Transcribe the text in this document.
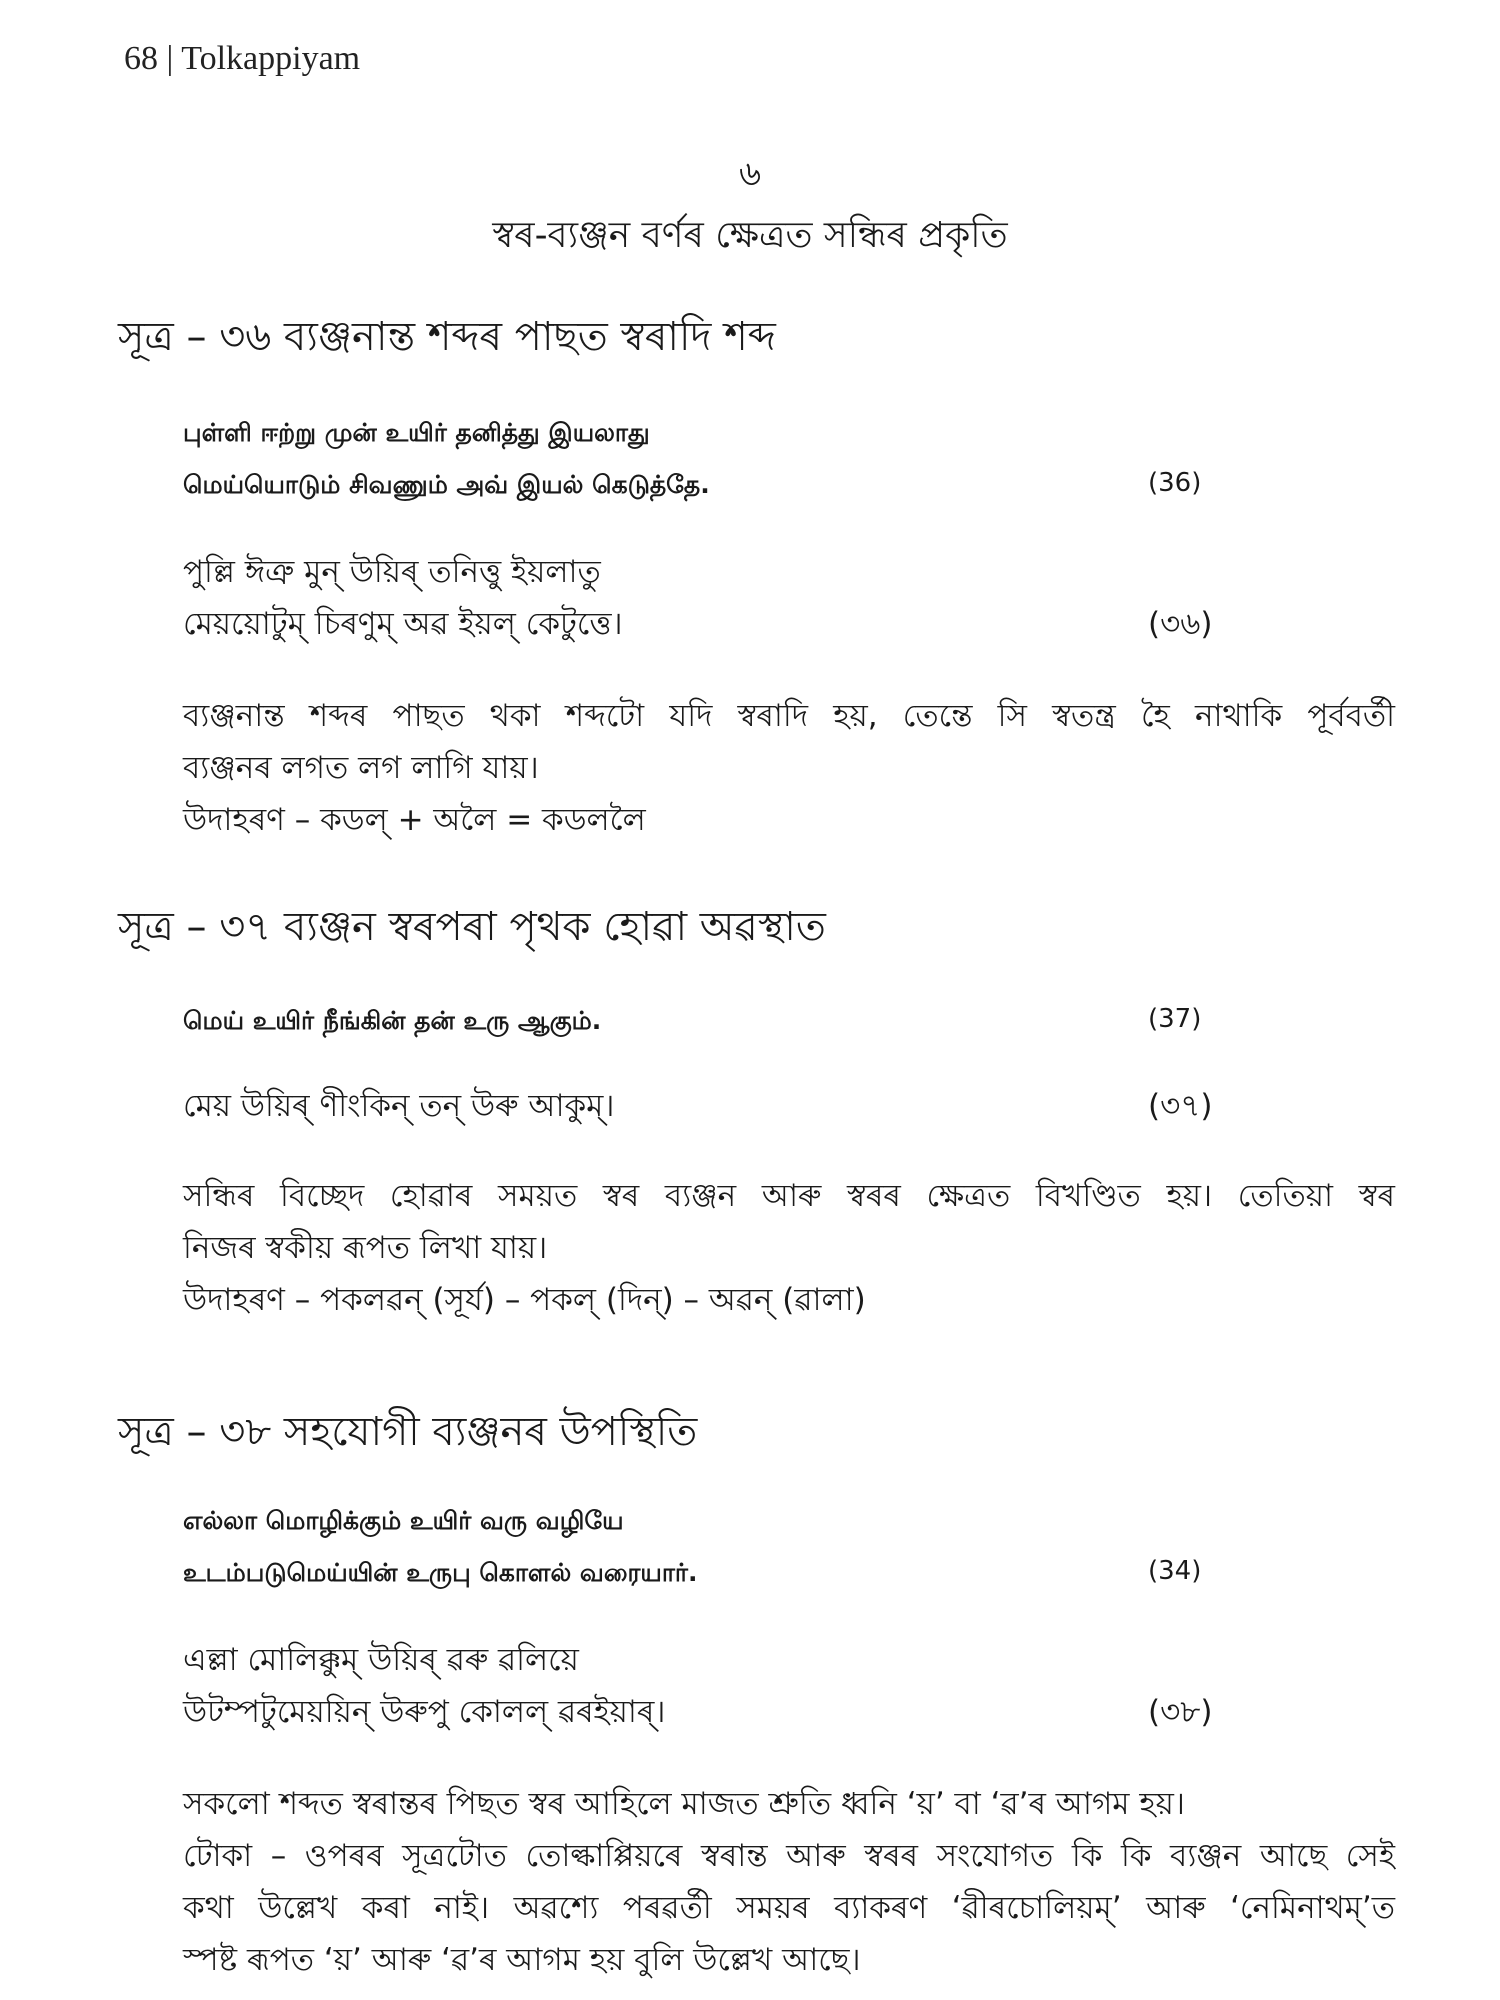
68 | Tolkappiyam
৬
স্বৰ-ব্যঞ্জন বৰ্ণৰ ক্ষেত্ৰত সন্ধিৰ প্ৰকৃতি
সূত্ৰ – ৩৬ ব্যঞ্জনান্ত শব্দৰ পাছত স্বৰাদি শব্দ
புள்ளி ஈற்று முன் உயிர் தனித்து இயலாது
மெய்யொடும் சிவணும் அவ் இயல் கெடுத்தே.	(36)
পুল্লি ঈত্ৰু মুন্ উয়িৰ্ তনিত্তু ইয়লাতু
মেয়য়োটুম্ চিৰণুম্ অৱ ইয়ল্ কেটুত্তে।	(৩৬)
ব্যঞ্জনান্ত শব্দৰ পাছত থকা শব্দটো যদি স্বৰাদি হয়, তেন্তে সি স্বতন্ত্ৰ হৈ নাথাকি পূৰ্ববৰ্তী
ব্যঞ্জনৰ লগত লগ লাগি যায়।
উদাহৰণ – কডল্ + অলৈ = কডললৈ
সূত্ৰ – ৩৭ ব্যঞ্জন স্বৰপৰা পৃথক হোৱা অৱস্থাত
மெய் உயிர் நீங்கின் தன் உரு ஆகும்.	(37)
মেয় উয়িৰ্ ণীংকিন্ তন্ উৰু আকুম্।	(৩৭)
সন্ধিৰ বিচ্ছেদ হোৱাৰ সময়ত স্বৰ ব্যঞ্জন আৰু স্বৰৰ ক্ষেত্ৰত বিখণ্ডিত হয়। তেতিয়া স্বৰ
নিজৰ স্বকীয় ৰূপত লিখা যায়।
উদাহৰণ – পকলৱন্ (সূৰ্য) – পকল্ (দিন্) – অৱন্ (ৱালা)
সূত্ৰ – ৩৮ সহযোগী ব্যঞ্জনৰ উপস্থিতি
எல்லா மொழிக்கும் உயிர் வரு வழியே
உடம்படுமெய்யின் உருபு கொளல் வரையார்.	(34)
এল্লা মোলিক্কুম্ উয়িৰ্ ৱৰু ৱলিয়ে
উটম্পটুমেয়য়িন্ উৰুপু কোলল্ ৱৰইয়াৰ্।	(৩৮)
সকলো শব্দত স্বৰান্তৰ পিছত স্বৰ আহিলে মাজত শ্ৰুতি ধ্বনি ‘য়’ বা ‘ৱ’ৰ আগম হয়।
টোকা – ওপৰৰ সূত্ৰটোত তোল্কাপ্পিয়ৰে স্বৰান্ত আৰু স্বৰৰ সংযোগত কি কি ব্যঞ্জন আছে সেই
কথা উল্লেখ কৰা নাই। অৱশ্যে পৰৱৰ্তী সময়ৰ ব্যাকৰণ ‘ৱীৰচোলিয়ম্’ আৰু ‘নেমিনাথম্’ত
স্পষ্ট ৰূপত ‘য়’ আৰু ‘ৱ’ৰ আগম হয় বুলি উল্লেখ আছে।
